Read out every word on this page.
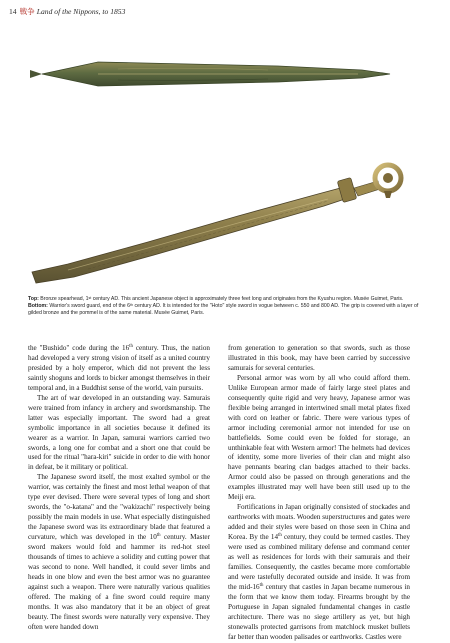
14 戦争 Land of the Nippons, to 1853

Top: Bronze spearhead, 1st century AD. This ancient Japanese object is approximately three feet long and originates from the Kyushu region. Musée Guimet, Paris. Bottom: Warrior's sword guard, end of the 6th century AD. It is intended for the "Hoto" style sword in vogue between c. 550 and 800 AD. The grip is covered with a layer of gilded bronze and the pommel is of the same material. Musée Guimet, Paris.

the "Bushido" code during the 16th century. Thus, the nation had developed a very strong vision of itself as a united country presided by a holy emperor, which did not prevent the less saintly shoguns and lords to bicker amongst themselves in their temporal and, in a Buddhist sense of the world, vain pursuits.

The art of war developed in an outstanding way. Samurais were trained from infancy in archery and swordsmanship. The latter was especially important. The sword had a great symbolic importance in all societies because it defined its wearer as a warrior. In Japan, samurai warriors carried two swords, a long one for combat and a short one that could be used for the ritual "hara-kiri" suicide in order to die with honor in defeat, be it military or political.

The Japanese sword itself, the most exalted symbol or the warrior, was certainly the finest and most lethal weapon of that type ever devised. There were several types of long and short swords, the "o-katana" and the "wakizachi" respectively being possibly the main models in use. What especially distinguished the Japanese sword was its extraordinary blade that featured a curvature, which was developed in the 10th century. Master sword makers would fold and hammer its red-hot steel thousands of times to achieve a solidity and cutting power that was second to none. Well handled, it could sever limbs and heads in one blow and even the best armor was no guarantee against such a weapon. There were naturally various qualities offered. The making of a fine sword could require many months. It was also mandatory that it be an object of great beauty. The finest swords were naturally very expensive. They often were handed down

from generation to generation so that swords, such as those illustrated in this book, may have been carried by successive samurais for several centuries.

Personal armor was worn by all who could afford them. Unlike European armor made of fairly large steel plates and consequently quite rigid and very heavy, Japanese armor was flexible being arranged in intertwined small metal plates fixed with cord on leather or fabric. There were various types of armor including ceremonial armor not intended for use on battlefields. Some could even be folded for storage, an unthinkable feat with Western armor! The helmets had devices of identity, some more liveries of their clan and might also have pennants bearing clan badges attached to their backs. Armor could also be passed on through generations and the examples illustrated may well have been still used up to the Meiji era.

Fortifications in Japan originally consisted of stockades and earthworks with moats. Wooden superstructures and gates were added and their styles were based on those seen in China and Korea. By the 14th century, they could be termed castles. They were used as combined military defense and command center as well as residences for lords with their samurais and their families. Consequently, the castles became more comfortable and were tastefully decorated outside and inside. It was from the mid-16th century that castles in Japan became numerous in the form that we know them today. Firearms brought by the Portuguese in Japan signaled fundamental changes in castle architecture. There was no siege artillery as yet, but high stonewalls protected garrisons from matchlock musket bullets far better than wooden palisades or earthworks. Castles were
